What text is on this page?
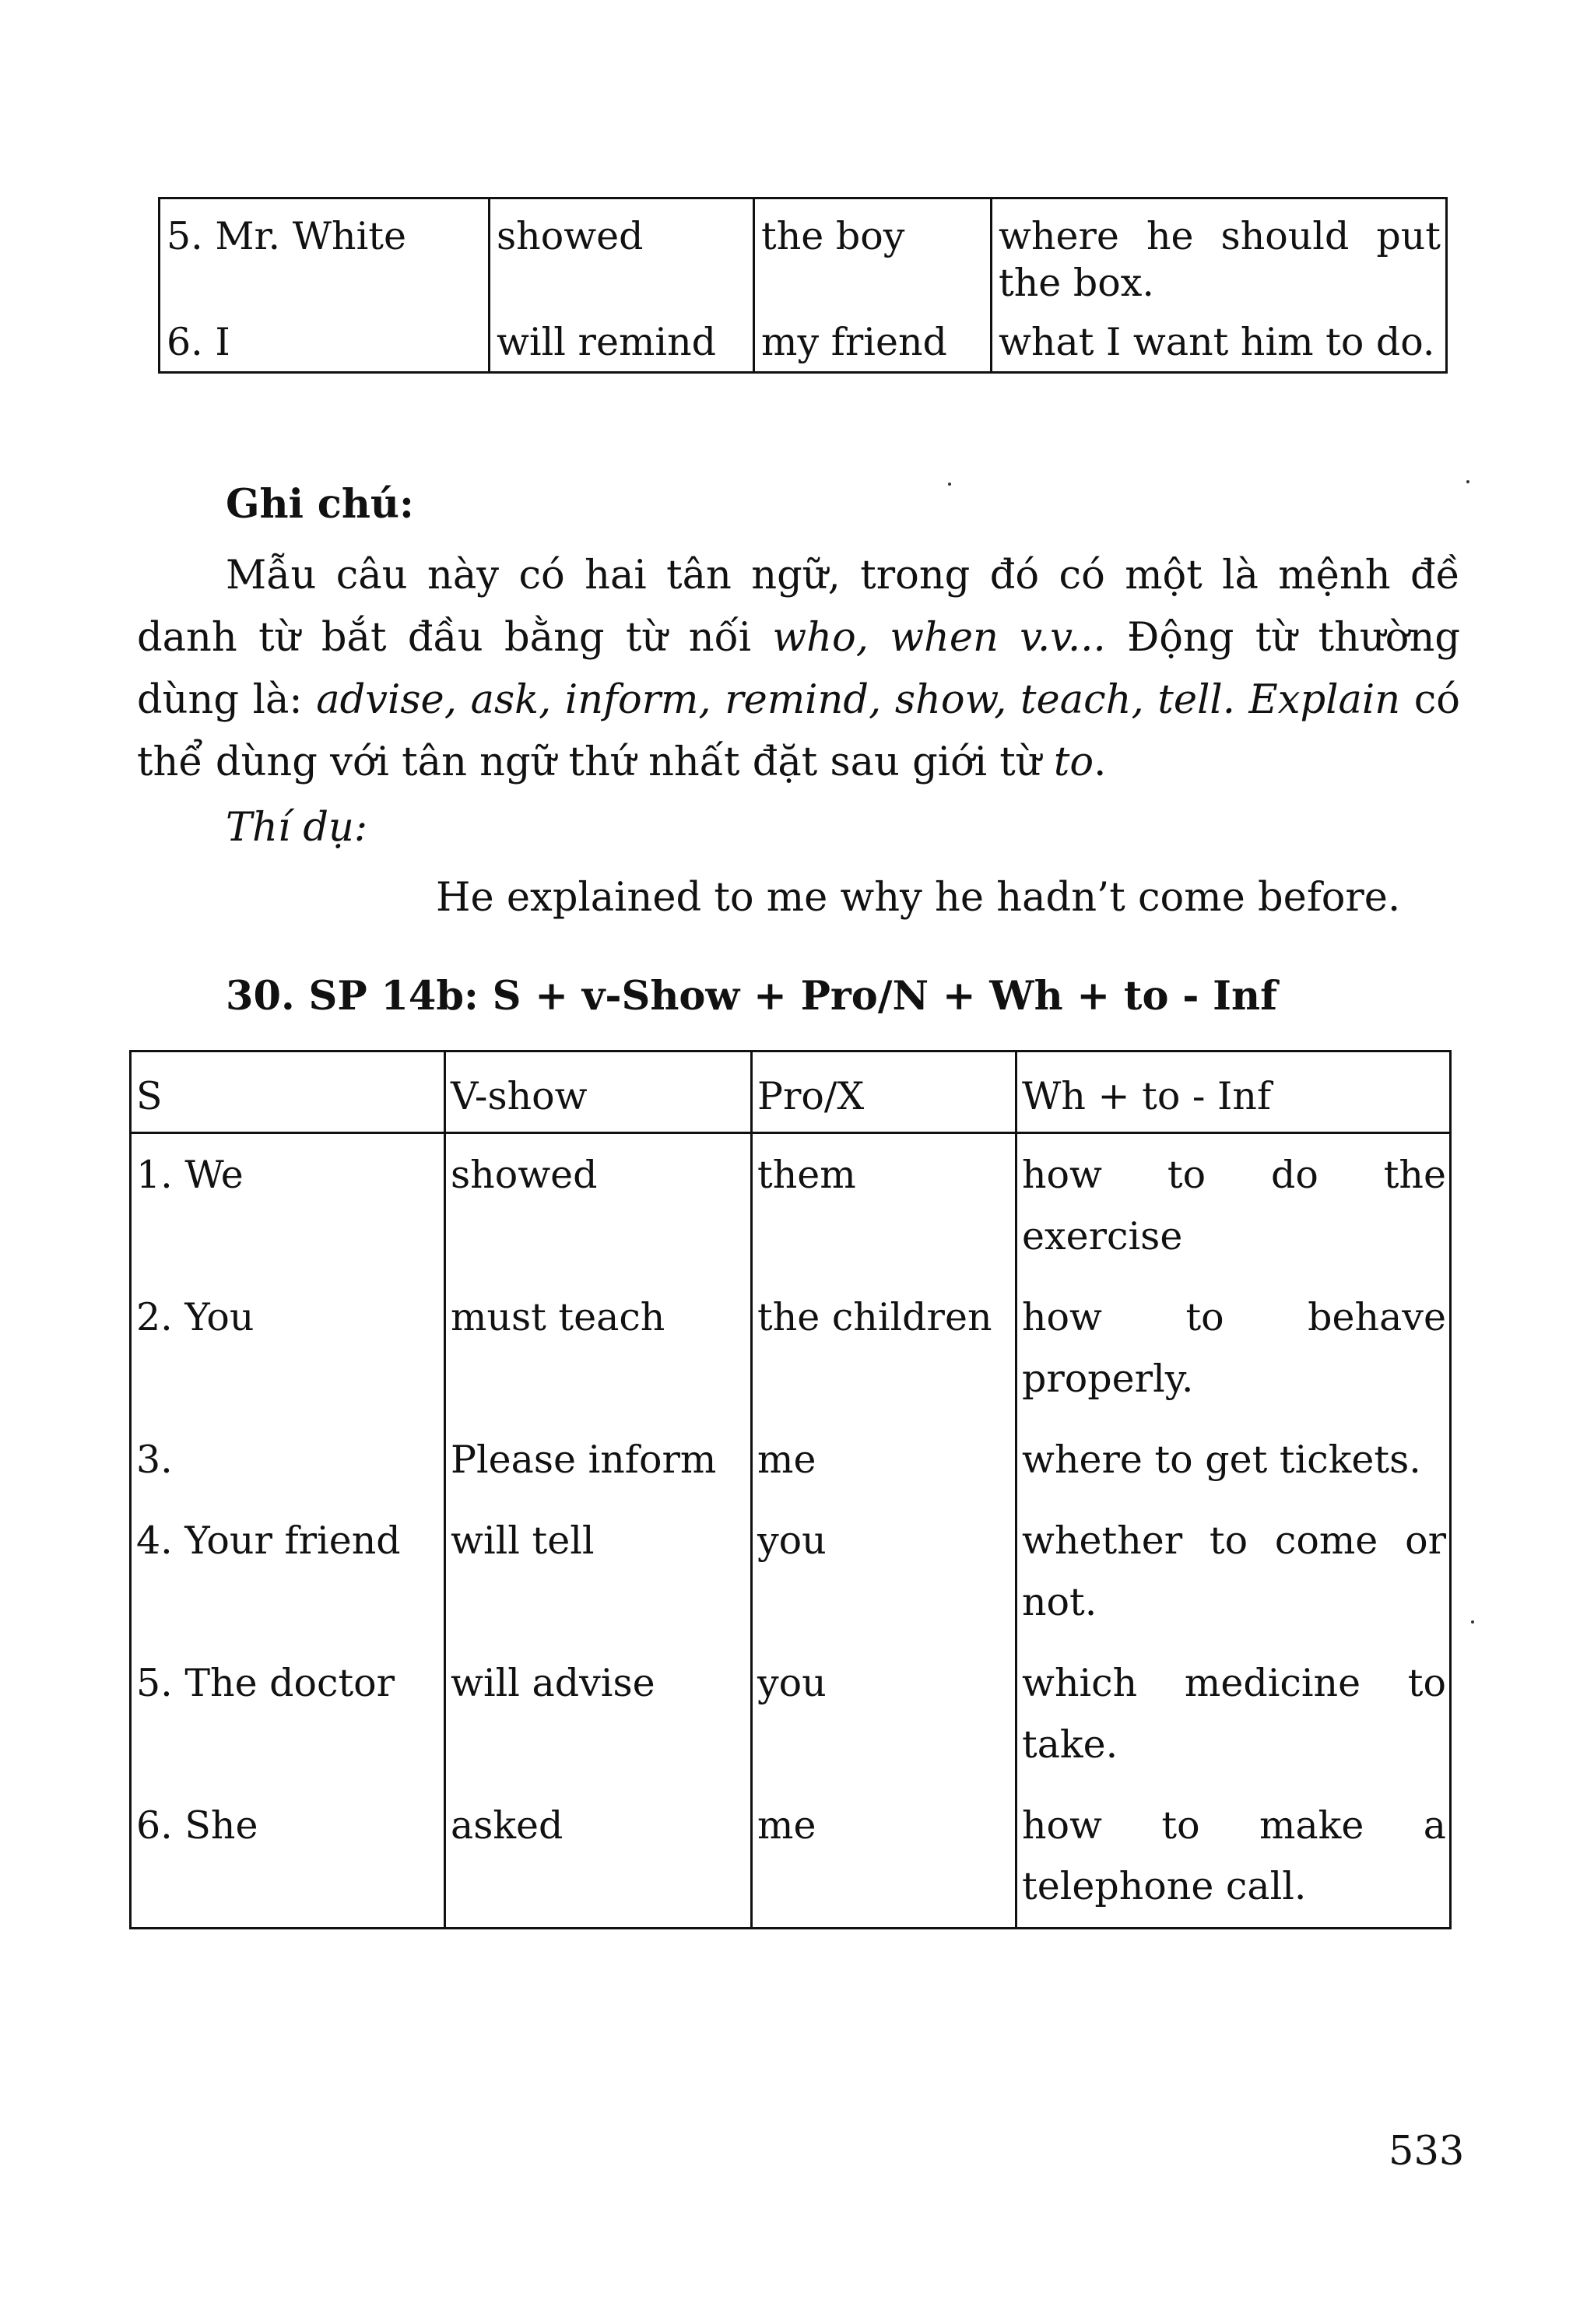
5. Mr. White	showed	the boy	where he should put the box.
6. I	will remind	my friend	what I want him to do.
Ghi chú:

Mẫu câu này có hai tân ngữ, trong đó có một là mệnh đề danh từ bắt đầu bằng từ nối who, when v.v... Động từ thường dùng là: advise, ask, inform, remind, show, teach, tell. Explain có thể dùng với tân ngữ thứ nhất đặt sau giới từ to.

Thí dụ:
He explained to me why he hadn’t come before.
30. SP 14b: S + v-Show + Pro/N + Wh + to - Inf
S	V-show	Pro/X	Wh + to - Inf
1. We	showed	them	how to do the exercise
2. You	must teach	the children	how to behave properly.
3.	Please inform	me	where to get tickets.
4. Your friend	will tell	you	whether to come or not.
5. The doctor	will advise	you	which medicine to take.
6. She	asked	me	how to make a telephone call.
533
